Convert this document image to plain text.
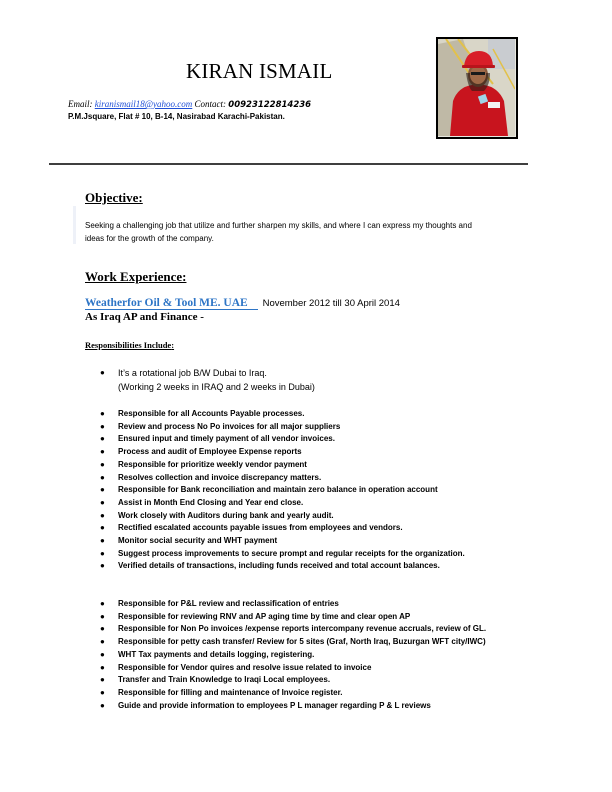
KIRAN ISMAIL
Email: kiranismail18@yahoo.com Contact: 00923122814236
P.M.Jsquare, Flat # 10, B-14, Nasirabad Karachi-Pakistan.
Objective:
Seeking a challenging job that utilize and further sharpen my skills, and where I can express my thoughts and ideas for the growth of the company.
Work Experience:
Weatherfor Oil & Tool ME. UAE November 2012 till 30 April 2014
As Iraq AP and Finance -
Responsibilities Include:
● It’s a rotational job B/W Dubai to Iraq.
(Working 2 weeks in IRAQ and 2 weeks in Dubai)
● Responsible for all Accounts Payable processes.
● Review and process No Po invoices for all major suppliers
● Ensured input and timely payment of all vendor invoices.
● Process and audit of Employee Expense reports
● Responsible for prioritize weekly vendor payment
● Resolves collection and invoice discrepancy matters.
● Responsible for Bank reconciliation and maintain zero balance in operation account
● Assist in Month End Closing and Year end close.
● Work closely with Auditors during bank and yearly audit.
● Rectified escalated accounts payable issues from employees and vendors.
● Monitor social security and WHT payment
● Suggest process improvements to secure prompt and regular receipts for the organization.
● Verified details of transactions, including funds received and total account balances.
● Responsible for P&L review and reclassification of entries
● Responsible for reviewing RNV and AP aging time by time and clear open AP
● Responsible for Non Po invoices /expense reports intercompany revenue accruals, review of GL.
● Responsible for petty cash transfer/ Review for 5 sites (Graf, North Iraq, Buzurgan WFT city/IWC)
● WHT Tax payments and details logging, registering.
● Responsible for Vendor quires and resolve issue related to invoice
● Transfer and Train Knowledge to Iraqi Local employees.
● Responsible for filling and maintenance of Invoice register.
● Guide and provide information to employees P L manager regarding P & L reviews
